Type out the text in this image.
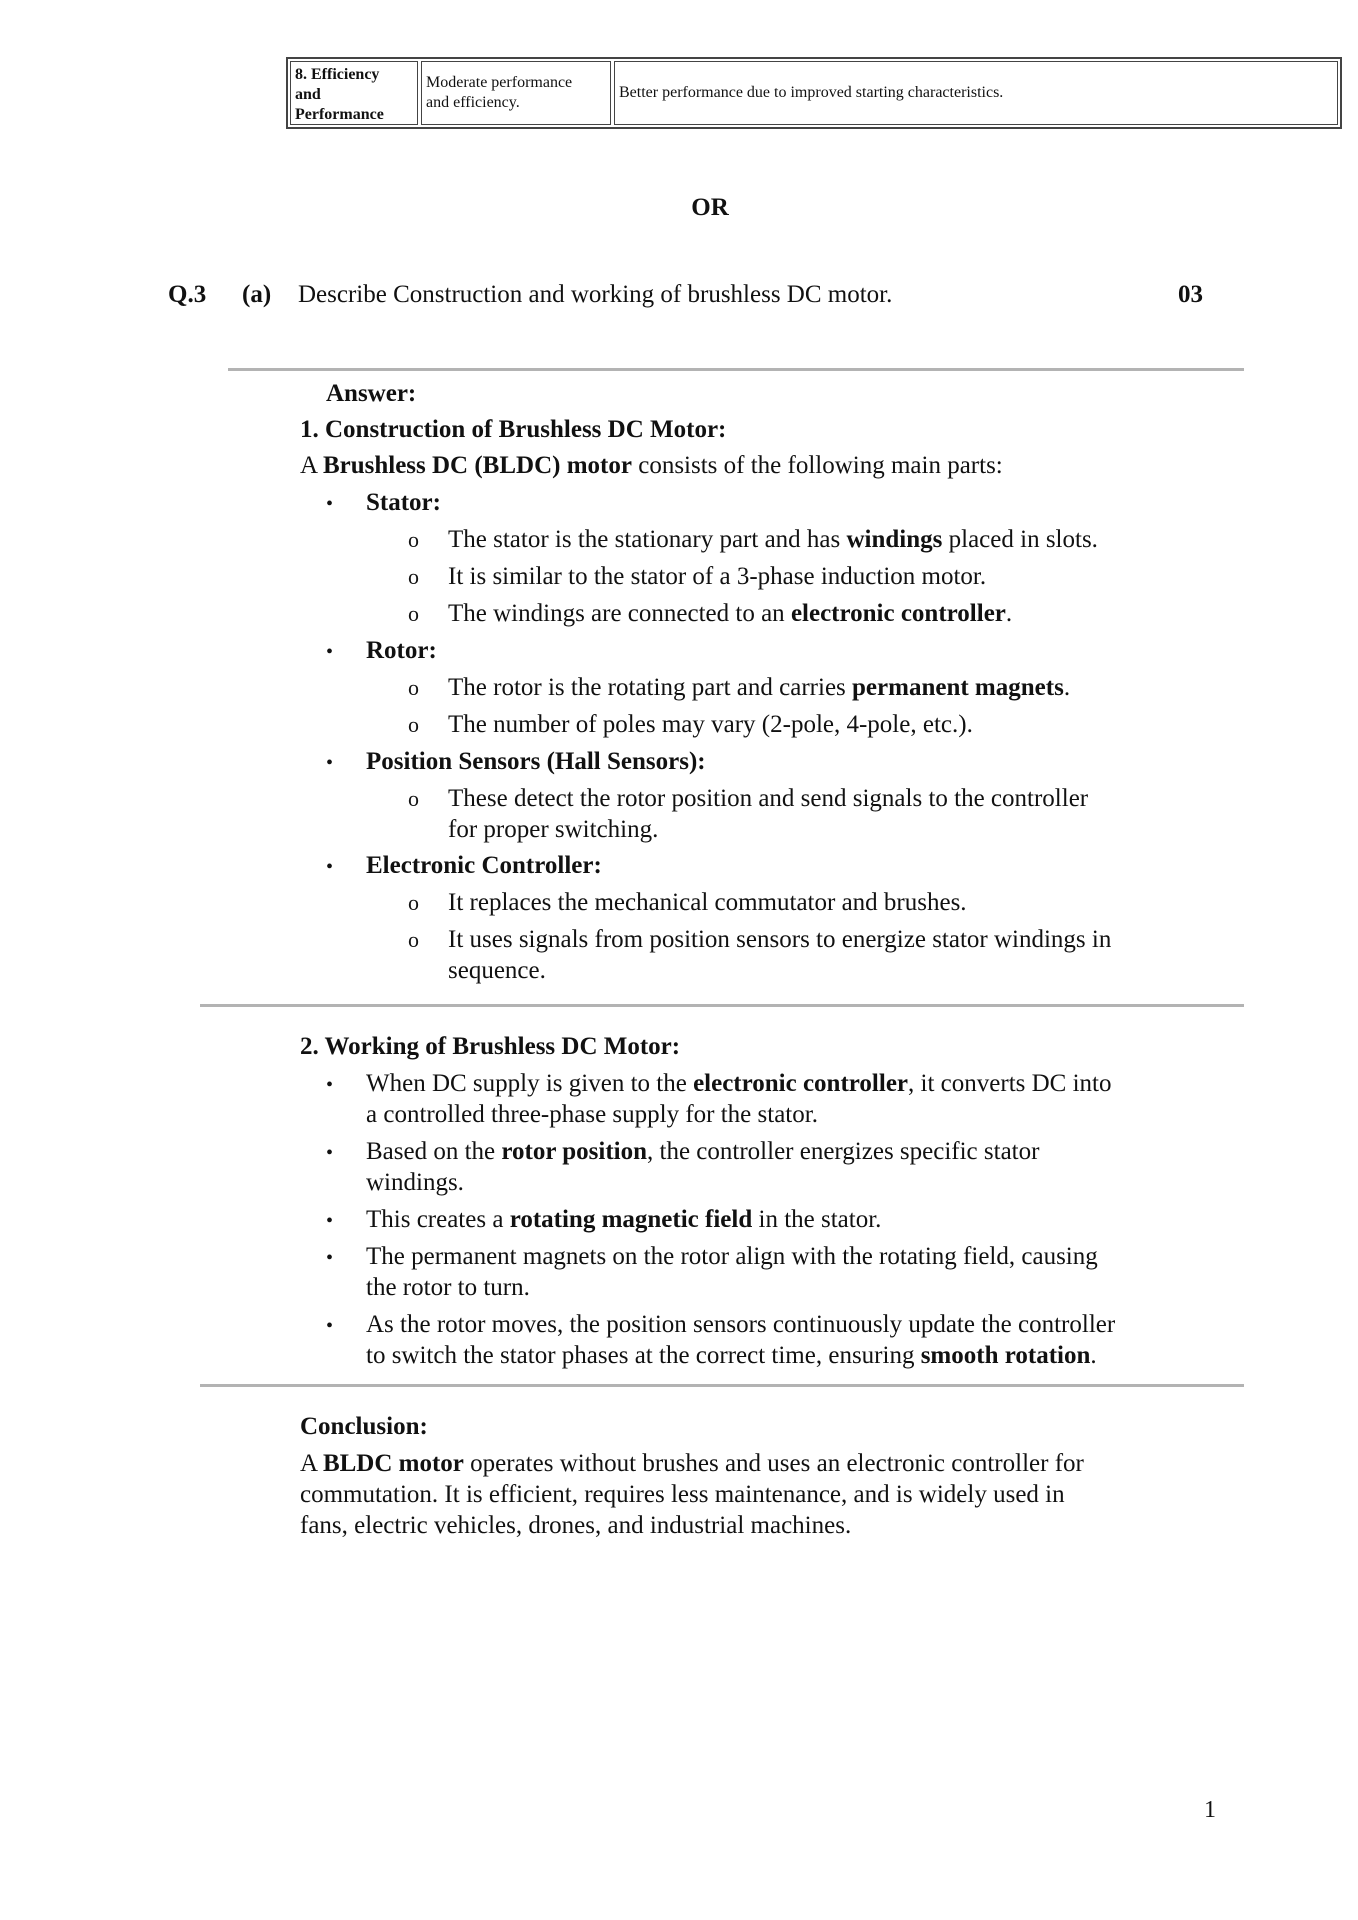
8. Efficiency
and
Performance
Moderate performance
and efficiency.
Better performance due to improved starting characteristics.
OR
Q.3 (a) Describe Construction and working of brushless DC motor.	03
Answer:
1. Construction of Brushless DC Motor:
A Brushless DC (BLDC) motor consists of the following main parts:
• Stator:
o The stator is the stationary part and has windings placed in slots.
o It is similar to the stator of a 3-phase induction motor.
o The windings are connected to an electronic controller.
• Rotor:
o The rotor is the rotating part and carries permanent magnets.
o The number of poles may vary (2-pole, 4-pole, etc.).
• Position Sensors (Hall Sensors):
o These detect the rotor position and send signals to the controller
for proper switching.
• Electronic Controller:
o It replaces the mechanical commutator and brushes.
o It uses signals from position sensors to energize stator windings in
sequence.
2. Working of Brushless DC Motor:
• When DC supply is given to the electronic controller, it converts DC into
a controlled three-phase supply for the stator.
• Based on the rotor position, the controller energizes specific stator
windings.
• This creates a rotating magnetic field in the stator.
• The permanent magnets on the rotor align with the rotating field, causing
the rotor to turn.
• As the rotor moves, the position sensors continuously update the controller
to switch the stator phases at the correct time, ensuring smooth rotation.
Conclusion:
A BLDC motor operates without brushes and uses an electronic controller for
commutation. It is efficient, requires less maintenance, and is widely used in
fans, electric vehicles, drones, and industrial machines.
1
